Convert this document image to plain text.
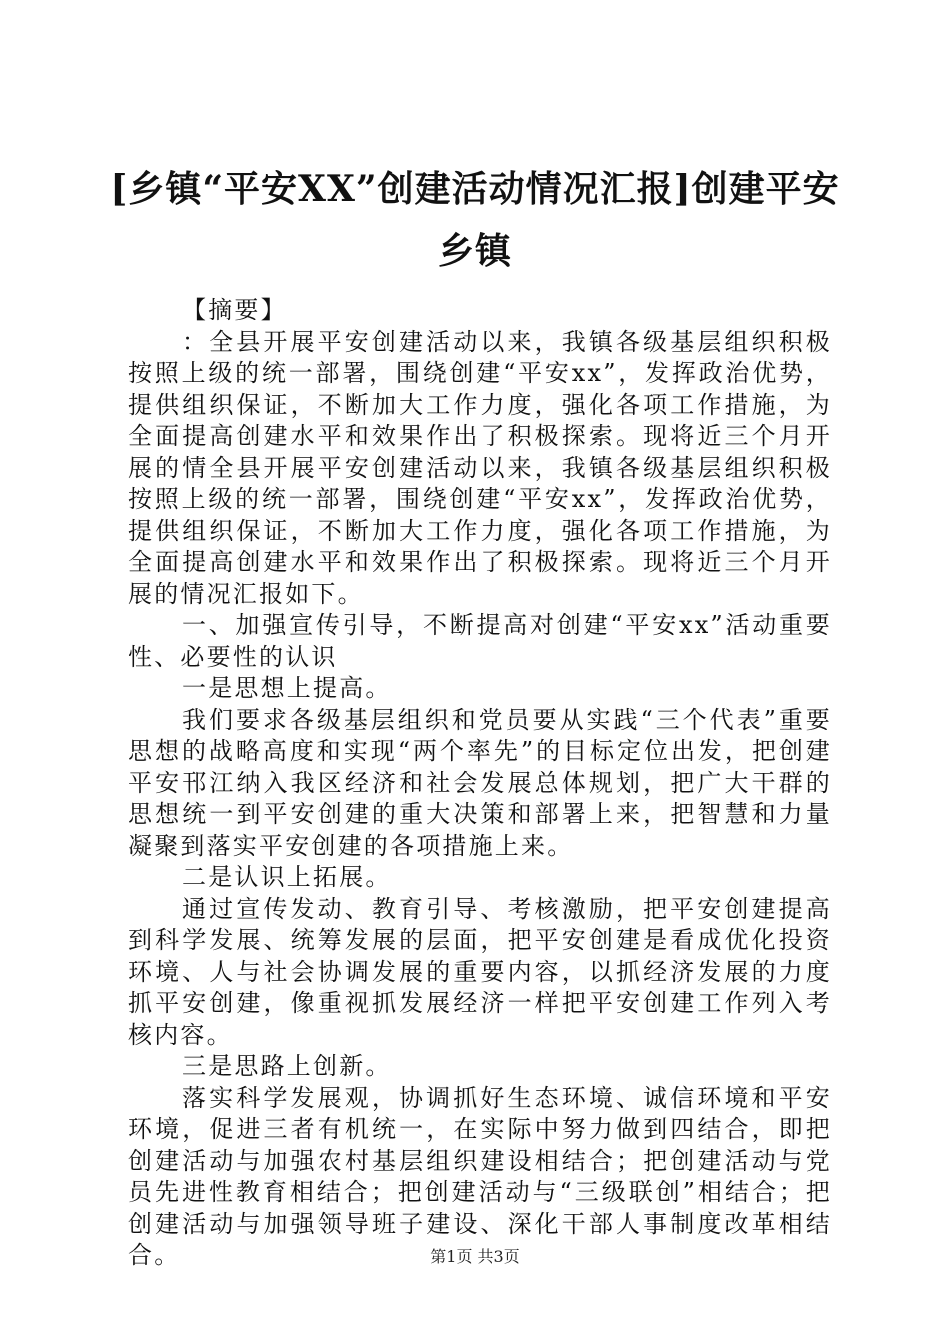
[乡镇“平安XX”创建活动情况汇报]创建平安乡镇

【摘要】

：全县开展平安创建活动以来，我镇各级基层组织积极按照上级的统一部署，围绕创建“平安xx”，发挥政治优势，提供组织保证，不断加大工作力度，强化各项工作措施，为全面提高创建水平和效果作出了积极探索。现将近三个月开展的情全县开展平安创建活动以来，我镇各级基层组织积极按照上级的统一部署，围绕创建“平安xx”，发挥政治优势，提供组织保证，不断加大工作力度，强化各项工作措施，为全面提高创建水平和效果作出了积极探索。现将近三个月开展的情况汇报如下。

一、加强宣传引导，不断提高对创建“平安xx”活动重要性、必要性的认识

一是思想上提高。

我们要求各级基层组织和党员要从实践“三个代表”重要思想的战略高度和实现“两个率先”的目标定位出发，把创建平安邗江纳入我区经济和社会发展总体规划，把广大干群的思想统一到平安创建的重大决策和部署上来，把智慧和力量凝聚到落实平安创建的各项措施上来。

二是认识上拓展。

通过宣传发动、教育引导、考核激励，把平安创建提高到科学发展、统筹发展的层面，把平安创建是看成优化投资环境、人与社会协调发展的重要内容，以抓经济发展的力度抓平安创建，像重视抓发展经济一样把平安创建工作列入考核内容。

三是思路上创新。

落实科学发展观，协调抓好生态环境、诚信环境和平安环境，促进三者有机统一，在实际中努力做到四结合，即把创建活动与加强农村基层组织建设相结合；把创建活动与党员先进性教育相结合；把创建活动与“三级联创”相结合；把创建活动与加强领导班子建设、深化干部人事制度改革相结合。	第1页 共3页
